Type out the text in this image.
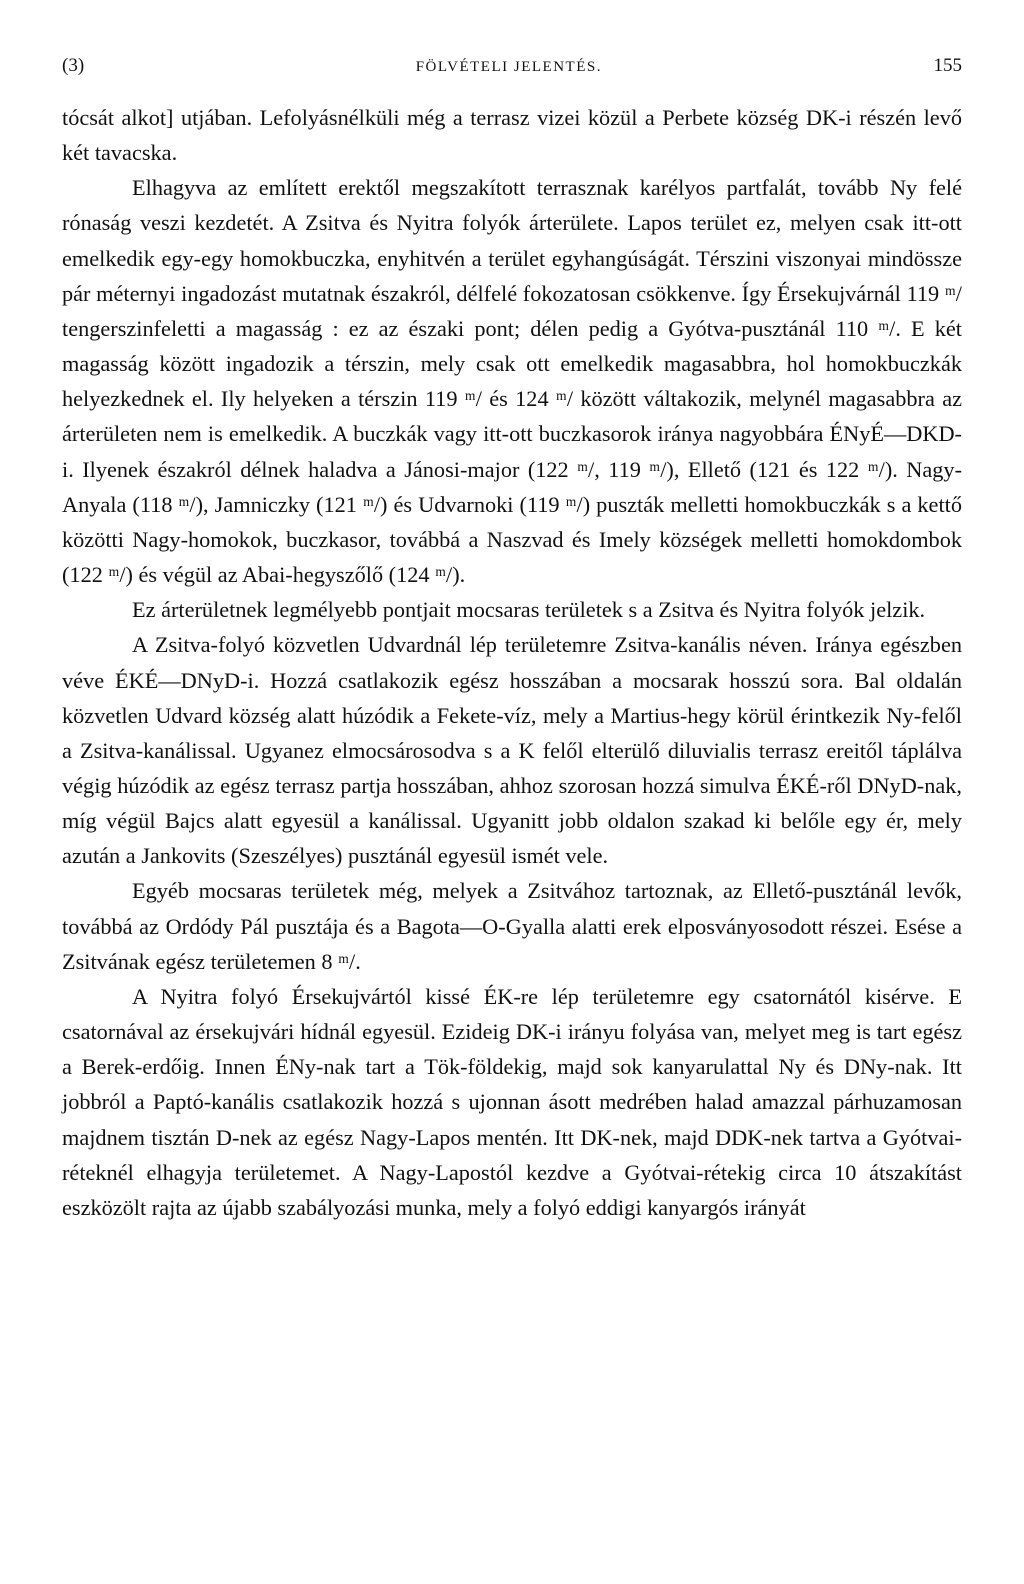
(3)	FÖLVÉTELI JELENTÉS.	155

tócsát alkot] utjában. Lefolyásnélküli még a terrasz vizei közül a Perbete község DK-i részén levő két tavacska.

Elhagyva az említett erektől megszakított terrasznak karélyos partfalát, tovább Ny felé rónaság veszi kezdetét. A Zsitva és Nyitra folyók árterülete. Lapos terület ez, melyen csak itt-ott emelkedik egy-egy homokbuczka, enyhitvén a terület egyhangúságát. Térszini viszonyai mindössze pár méternyi ingadozást mutatnak északról, délfelé fokozatosan csökkenve. Így Érsekujvárnál 119 ᵐ/ tengerszinfeletti a magasság : ez az északi pont; délen pedig a Gyótva-pusztánál 110 ᵐ/. E két magasság között ingadozik a térszin, mely csak ott emelkedik magasabbra, hol homokbuczkák helyezkednek el. Ily helyeken a térszin 119 ᵐ/ és 124 ᵐ/ között váltakozik, melynél magasabbra az árterületen nem is emelkedik. A buczkák vagy itt-ott buczkasorok iránya nagyobbára ÉNyÉ—DKD-i. Ilyenek északról délnek haladva a Jánosi-major (122 ᵐ/, 119 ᵐ/), Ellető (121 és 122 ᵐ/). Nagy-Anyala (118 ᵐ/), Jamniczky (121 ᵐ/) és Udvarnoki (119 ᵐ/) puszták melletti homokbuczkák s a kettő közötti Nagy-homokok, buczkasor, továbbá a Naszvad és Imely községek melletti homokdombok (122 ᵐ/) és végül az Abai-hegyszőlő (124 ᵐ/).

Ez árterületnek legmélyebb pontjait mocsaras területek s a Zsitva és Nyitra folyók jelzik.

A Zsitva-folyó közvetlen Udvardnál lép területemre Zsitva-kanális néven. Iránya egészben véve ÉKÉ—DNyD-i. Hozzá csatlakozik egész hosszában a mocsarak hosszú sora. Bal oldalán közvetlen Udvard község alatt húzódik a Fekete-víz, mely a Martius-hegy körül érintkezik Ny-felől a Zsitva-kanálissal. Ugyanez elmocsárosodva s a K felől elterülő diluvialis terrasz ereitől táplálva végig húzódik az egész terrasz partja hosszában, ahhoz szorosan hozzá simulva ÉKÉ-ről DNyD-nak, míg végül Bajcs alatt egyesül a kanálissal. Ugyanitt jobb oldalon szakad ki belőle egy ér, mely azután a Jankovits (Szeszélyes) pusztánál egyesül ismét vele.

Egyéb mocsaras területek még, melyek a Zsitvához tartoznak, az Ellető-pusztánál levők, továbbá az Ordódy Pál pusztája és a Bagota—O-Gyalla alatti erek elposványosodott részei. Esése a Zsitvának egész területemen 8 ᵐ/.

A Nyitra folyó Érsekujvártól kissé ÉK-re lép területemre egy csatornától kisérve. E csatornával az érsekujvári hídnál egyesül. Ezideig DK-i irányu folyása van, melyet meg is tart egész a Berek-erdőig. Innen ÉNy-nak tart a Tök-földekig, majd sok kanyarulattal Ny és DNy-nak. Itt jobbról a Paptó-kanális csatlakozik hozzá s ujonnan ásott medrében halad amazzal párhuzamosan majdnem tisztán D-nek az egész Nagy-Lapos mentén. Itt DK-nek, majd DDK-nek tartva a Gyótvai-réteknél elhagyja területemet. A Nagy-Lapostól kezdve a Gyótvai-rétekig circa 10 átszakítást eszközölt rajta az újabb szabályozási munka, mely a folyó eddigi kanyargós irányát
